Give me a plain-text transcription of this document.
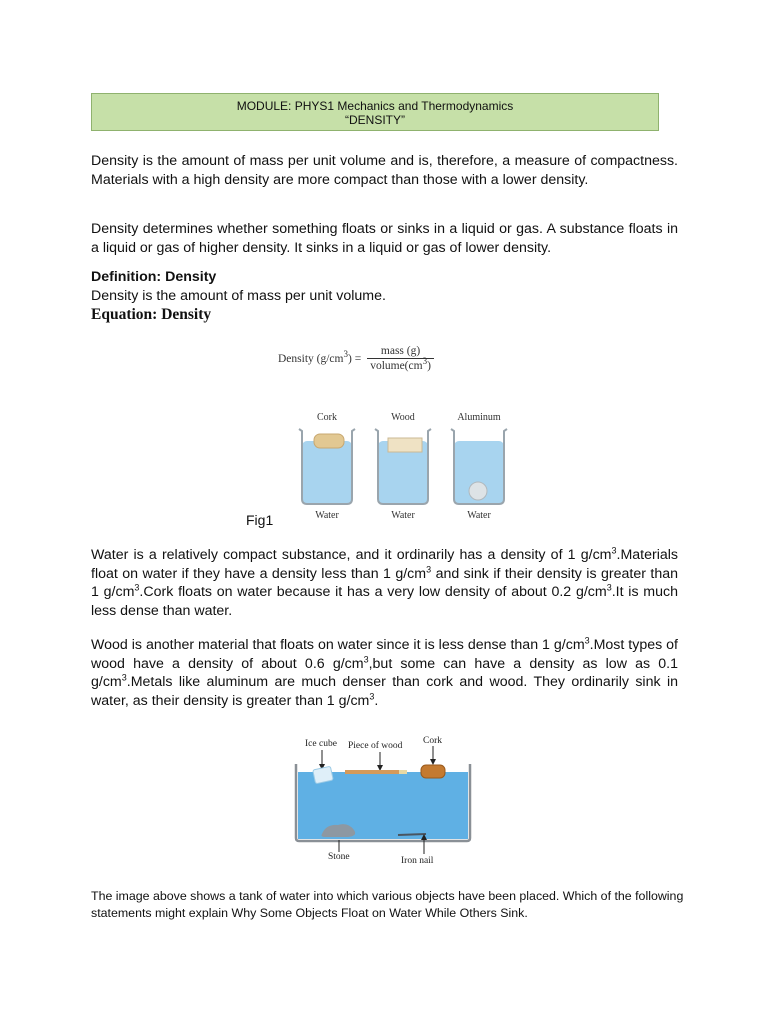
MODULE: PHYS1 Mechanics and Thermodynamics
“DENSITY”

Density is the amount of mass per unit volume and is, therefore, a measure of compactness. Materials with a high density are more compact than those with a lower density.

Density determines whether something floats or sinks in a liquid or gas. A substance floats in a liquid or gas of higher density. It sinks in a liquid or gas of lower density.

Definition: Density

Density is the amount of mass per unit volume.

Equation: Density

Density $(g/cm^3) = \frac{\text{mass (g)}}{volume(cm^3)}$
Cork	Wood	Aluminum
Water	Water	Water
Fig1

Water is a relatively compact substance, and it ordinarily has a density of 1 $g/cm^3.Materials$ float on water if they have a density less than 1 $g/cm^3$ and sink if their density is greater than 1 $g/cm^3.Cork$ floats on water because it has a very low density of about 0.2 $g/cm^3.It$ is much less dense than water.

Wood is another material that floats on water since it is less dense than 1 $g/cm^3.Most$ types of wood have a density of about 0.6 $g/cm^3,but$ some can have a density as low as 0.1 $g/cm^3.Metals$ like aluminum are much denser than cork and wood. They ordinarily sink in water, as their density is greater than 1 $g/cm^3$.

Ice cube Piece of wood Cork
Stone	Iron nail

The image above shows a tank of water into which various objects have been placed. Which of the following statements might explain Why Some Objects Float on Water While Others Sink.
